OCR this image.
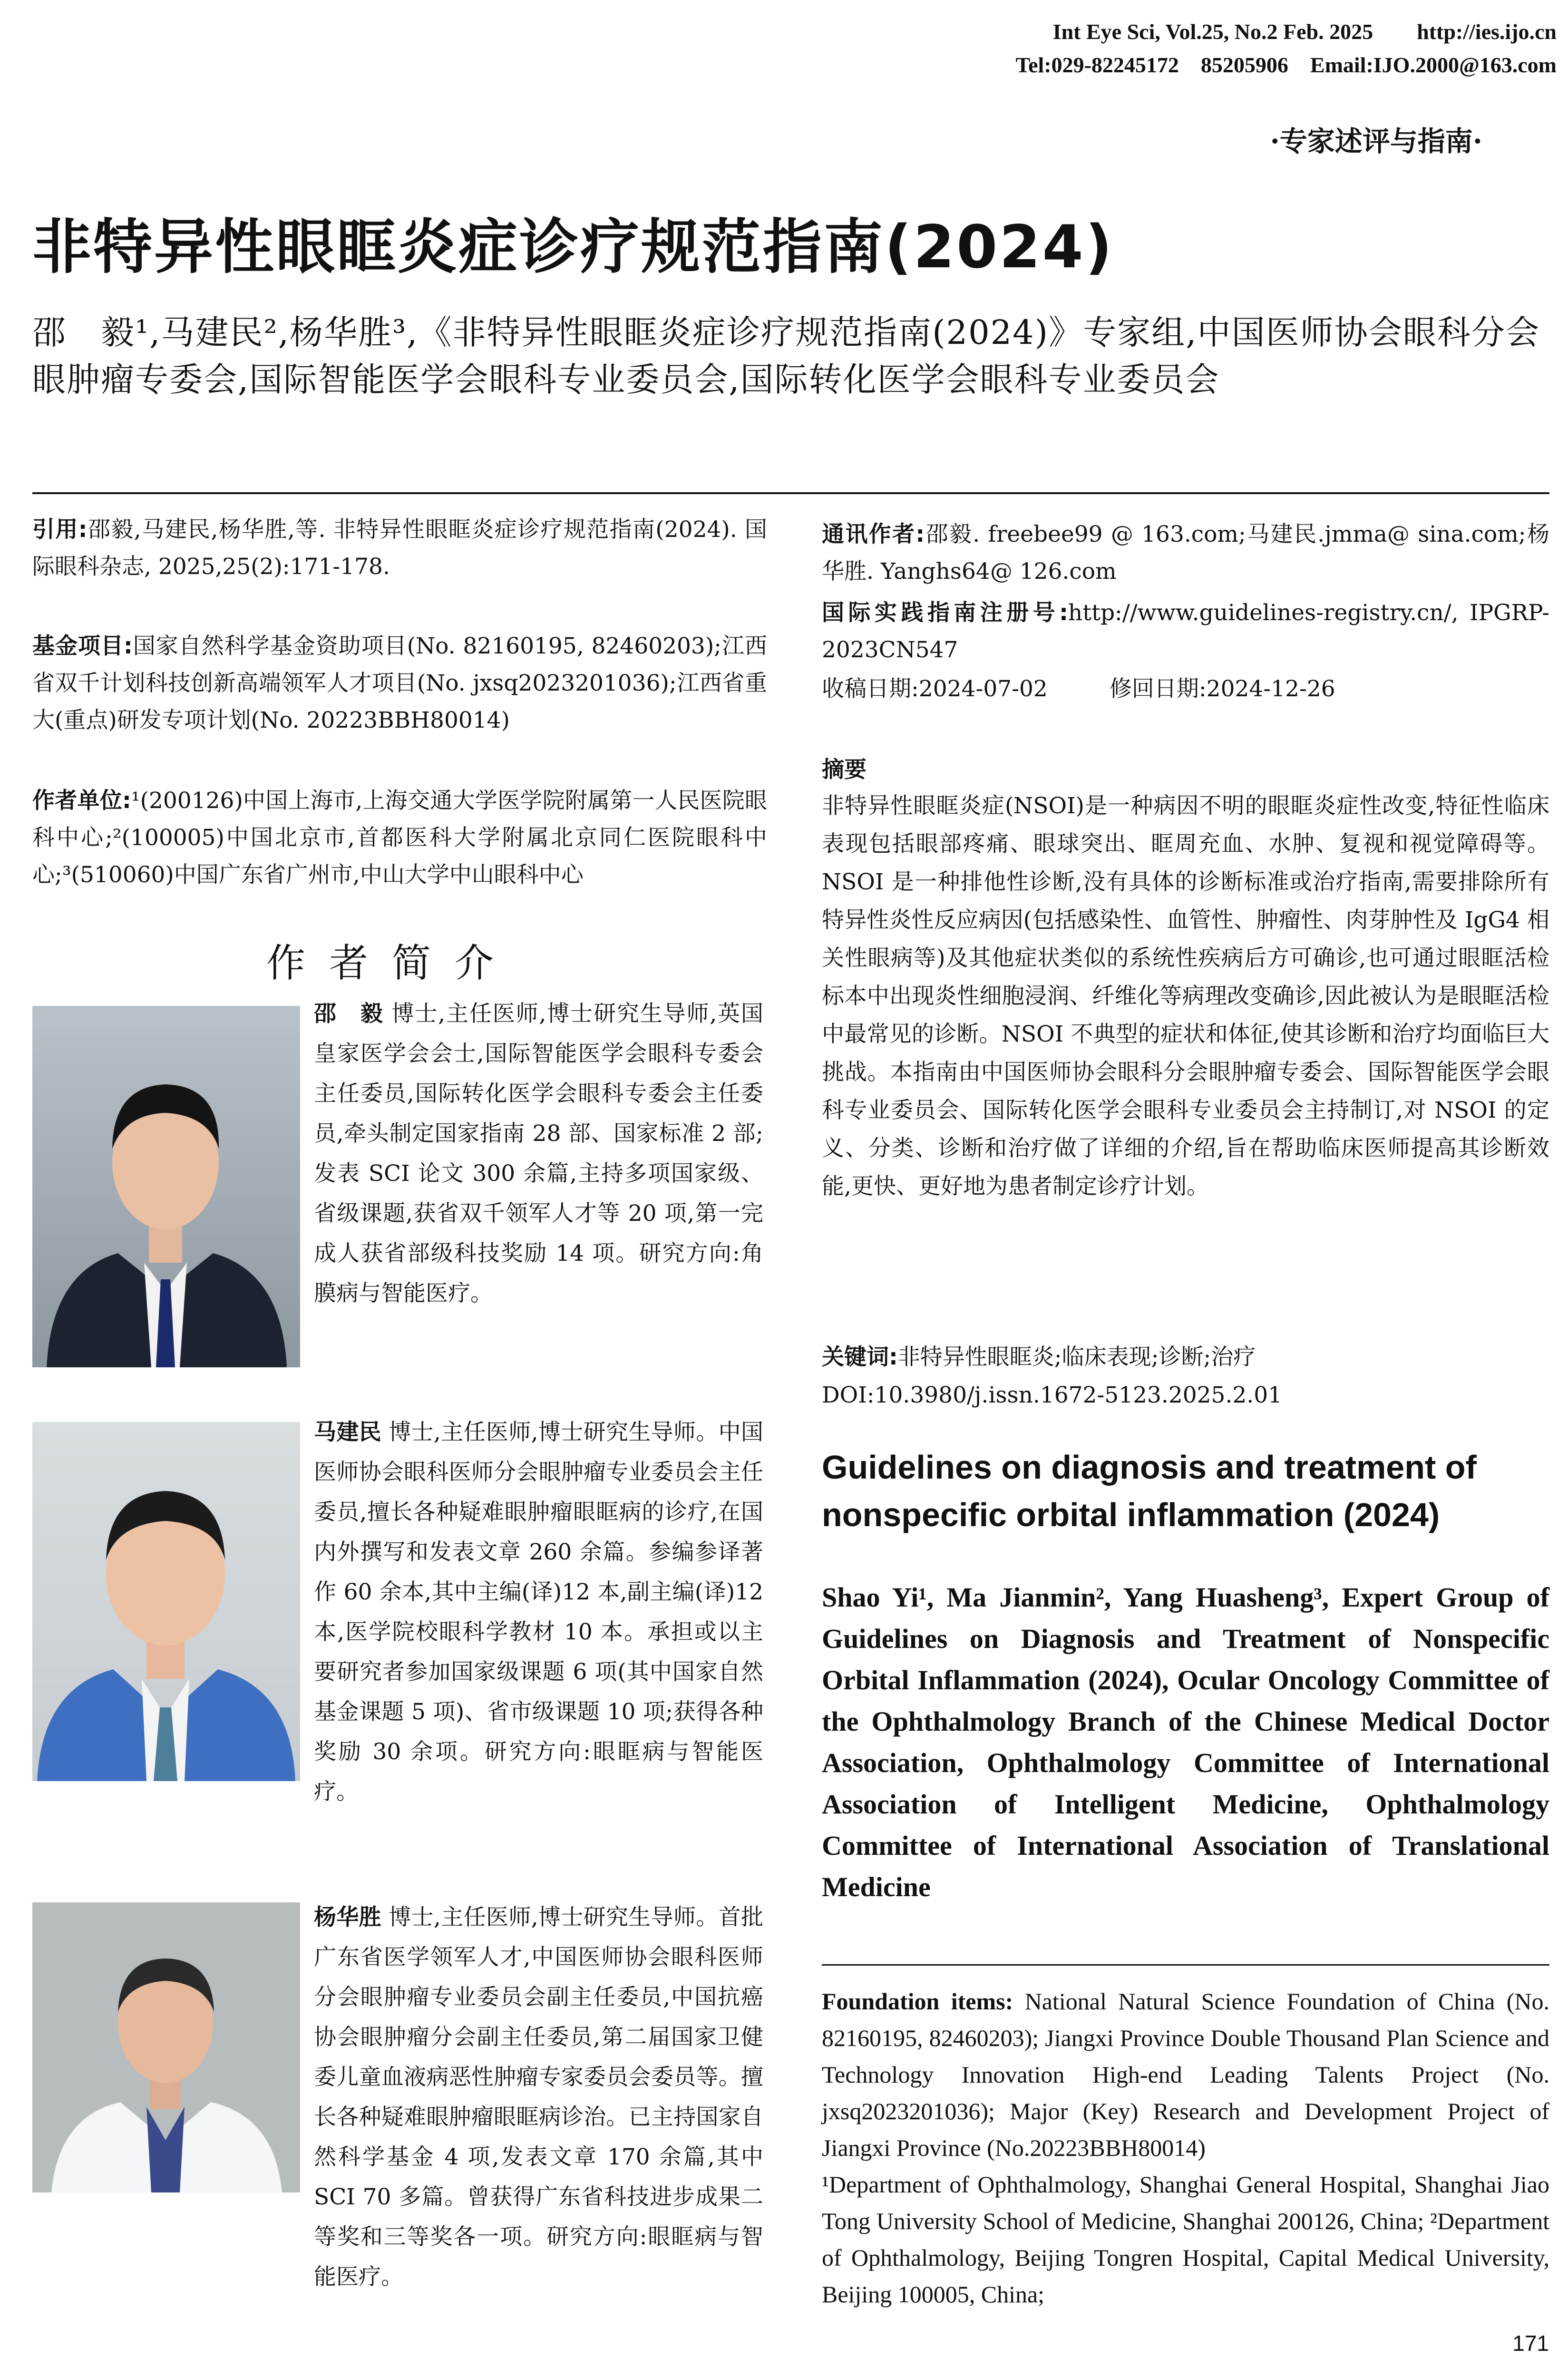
Int Eye Sci, Vol.25, No.2 Feb. 2025        http://ies.ijo.cn
Tel:029-82245172    85205906    Email:IJO.2000@163.com
·专家述评与指南·
非特异性眼眶炎症诊疗规范指南(2024)
邵　毅¹,马建民²,杨华胜³,《非特异性眼眶炎症诊疗规范指南(2024)》专家组,中国医师协会眼科分会眼肿瘤专委会,国际智能医学会眼科专业委员会,国际转化医学会眼科专业委员会
引用:邵毅,马建民,杨华胜,等. 非特异性眼眶炎症诊疗规范指南(2024). 国际眼科杂志, 2025,25(2):171-178.
基金项目:国家自然科学基金资助项目(No. 82160195, 82460203);江西省双千计划科技创新高端领军人才项目(No. jxsq2023201036);江西省重大(重点)研发专项计划(No. 20223BBH80014)
作者单位:¹(200126)中国上海市,上海交通大学医学院附属第一人民医院眼科中心;²(100005)中国北京市,首都医科大学附属北京同仁医院眼科中心;³(510060)中国广东省广州市,中山大学中山眼科中心
作者简介
邵　毅 博士,主任医师,博士研究生导师,英国皇家医学会会士,国际智能医学会眼科专委会主任委员,国际转化医学会眼科专委会主任委员,牵头制定国家指南 28 部、国家标准 2 部;发表 SCI 论文 300 余篇,主持多项国家级、省级课题,获省双千领军人才等 20 项,第一完成人获省部级科技奖励 14 项。研究方向:角膜病与智能医疗。
马建民 博士,主任医师,博士研究生导师。中国医师协会眼科医师分会眼肿瘤专业委员会主任委员,擅长各种疑难眼肿瘤眼眶病的诊疗,在国内外撰写和发表文章 260 余篇。参编参译著作 60 余本,其中主编(译)12 本,副主编(译)12 本,医学院校眼科学教材 10 本。承担或以主要研究者参加国家级课题 6 项(其中国家自然基金课题 5 项)、省市级课题 10 项;获得各种奖励 30 余项。研究方向:眼眶病与智能医疗。
杨华胜 博士,主任医师,博士研究生导师。首批广东省医学领军人才,中国医师协会眼科医师分会眼肿瘤专业委员会副主任委员,中国抗癌协会眼肿瘤分会副主任委员,第二届国家卫健委儿童血液病恶性肿瘤专家委员会委员等。擅长各种疑难眼肿瘤眼眶病诊治。已主持国家自然科学基金 4 项,发表文章 170 余篇,其中 SCI 70 多篇。曾获得广东省科技进步成果二等奖和三等奖各一项。研究方向:眼眶病与智能医疗。
通讯作者:邵毅. freebee99 @ 163.com;马建民.jmma@ sina.com;杨华胜. Yanghs64@ 126.com
国际实践指南注册号:http://www.guidelines-registry.cn/, IPGRP-2023CN547
收稿日期:2024-07-02	修回日期:2024-12-26
摘要
非特异性眼眶炎症(NSOI)是一种病因不明的眼眶炎症性改变,特征性临床表现包括眼部疼痛、眼球突出、眶周充血、水肿、复视和视觉障碍等。NSOI 是一种排他性诊断,没有具体的诊断标准或治疗指南,需要排除所有特异性炎性反应病因(包括感染性、血管性、肿瘤性、肉芽肿性及 IgG4 相关性眼病等)及其他症状类似的系统性疾病后方可确诊,也可通过眼眶活检标本中出现炎性细胞浸润、纤维化等病理改变确诊,因此被认为是眼眶活检中最常见的诊断。NSOI 不典型的症状和体征,使其诊断和治疗均面临巨大挑战。本指南由中国医师协会眼科分会眼肿瘤专委会、国际智能医学会眼科专业委员会、国际转化医学会眼科专业委员会主持制订,对 NSOI 的定义、分类、诊断和治疗做了详细的介绍,旨在帮助临床医师提高其诊断效能,更快、更好地为患者制定诊疗计划。
关键词:非特异性眼眶炎;临床表现;诊断;治疗
DOI:10.3980/j.issn.1672-5123.2025.2.01
Guidelines on diagnosis and treatment of nonspecific orbital inflammation (2024)
Shao Yi¹, Ma Jianmin², Yang Huasheng³, Expert Group of Guidelines on Diagnosis and Treatment of Nonspecific Orbital Inflammation (2024), Ocular Oncology Committee of the Ophthalmology Branch of the Chinese Medical Doctor Association, Ophthalmology Committee of International Association of Intelligent Medicine, Ophthalmology Committee of International Association of Translational Medicine
Foundation items: National Natural Science Foundation of China (No. 82160195, 82460203); Jiangxi Province Double Thousand Plan Science and Technology Innovation High-end Leading Talents Project (No. jxsq2023201036); Major (Key) Research and Development Project of Jiangxi Province (No.20223BBH80014)
¹Department of Ophthalmology, Shanghai General Hospital, Shanghai Jiao Tong University School of Medicine, Shanghai 200126, China; ²Department of Ophthalmology, Beijing Tongren Hospital, Capital Medical University, Beijing 100005, China;
171
